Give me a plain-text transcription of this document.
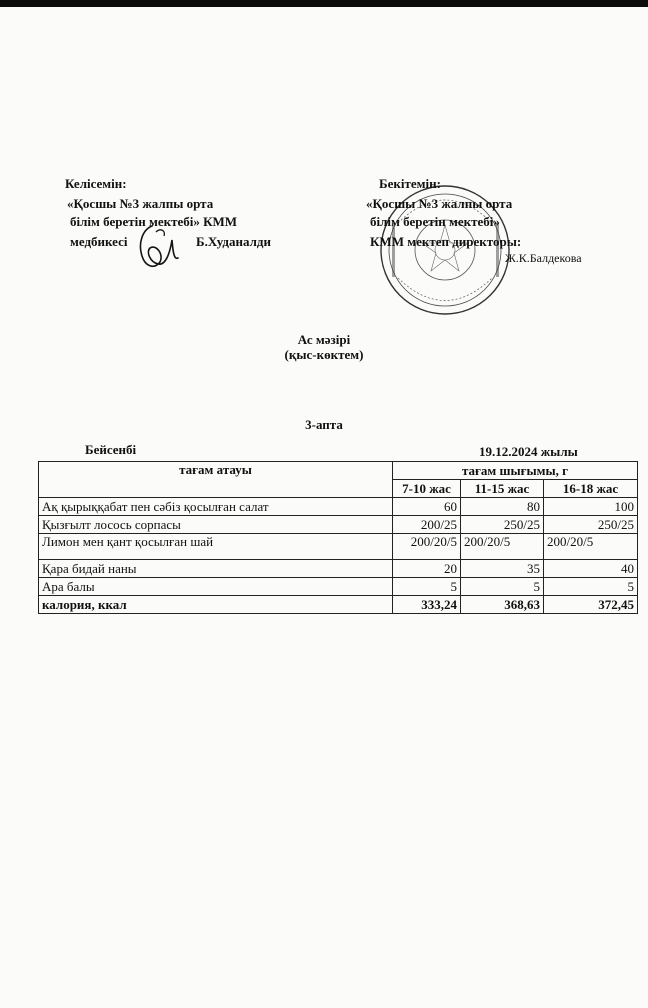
Келісемін:
«Қосшы №3 жалпы орта
білім беретін мектебі» КММ
медбикесі	Б.Худаналди
Бекітемін:
«Қосшы №3 жалпы орта
білім беретін мектебі»
КММ мектеп директоры:
Ж.К.Балдекова
Ас мәзірі
(қыс-көктем)
3-апта
Бейсенбі	19.12.2024 жылы
тағам атауы	тағам шығымы, г		
	7-10 жас	11-15 жас	16-18 жас
Ақ қырыққабат пен сәбіз қосылған салат	60	80	100
Қызғылт лосось сорпасы	200/25	250/25	250/25
Лимон мен қант қосылған шай	200/20/5	200/20/5	200/20/5
Қара бидай наны	20	35	40
Ара балы	5	5	5
калория, ккал	333,24	368,63	372,45
